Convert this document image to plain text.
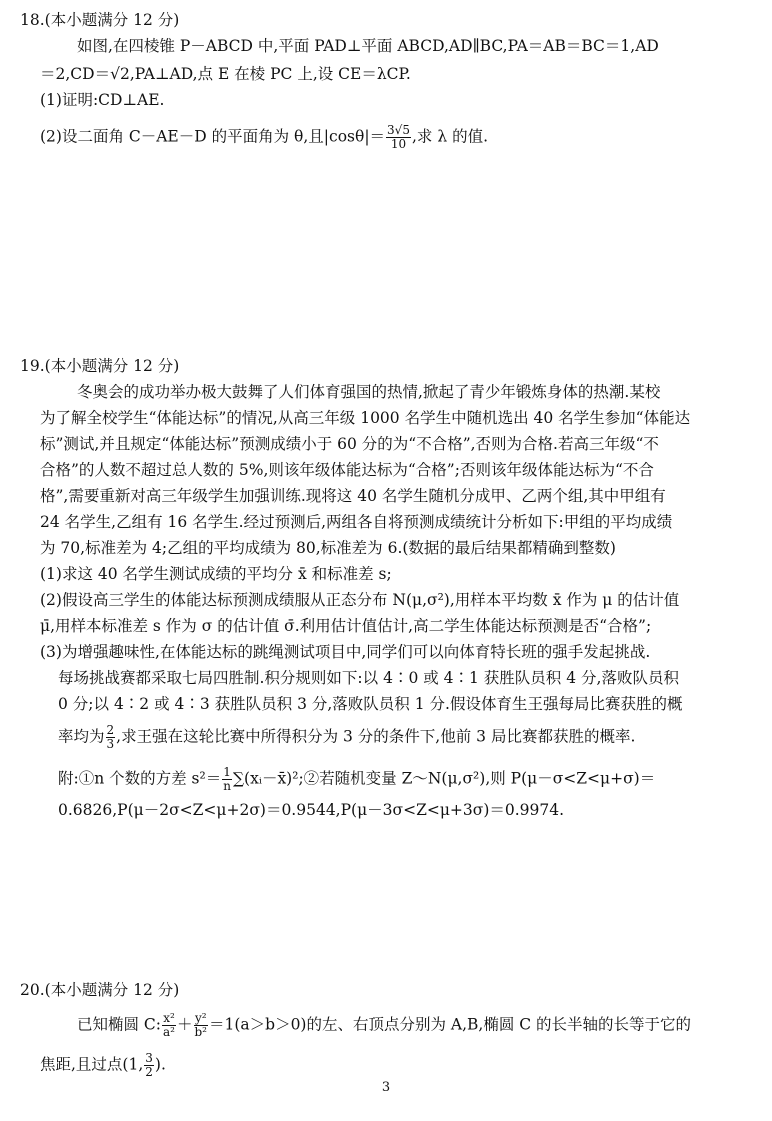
18.(本小题满分 12 分)
如图,在四棱锥 P－ABCD 中,平面 PAD⊥平面 ABCD,AD∥BC,PA＝AB＝BC＝1,AD
＝2,CD＝√2,PA⊥AD,点 E 在棱 PC 上,设 CE＝λCP.
(1)证明:CD⊥AE.
(2)设二面角 C－AE－D 的平面角为 θ,且$|\cos\theta|= \frac{3√5}{10}$ ,求 λ 的值.
19.(本小题满分 12 分)
冬奥会的成功举办极大鼓舞了人们体育强国的热情,掀起了青少年锻炼身体的热潮.某校
为了解全校学生“体能达标”的情况,从高三年级 1000 名学生中随机选出 40 名学生参加“体能达
标”测试,并且规定“体能达标”预测成绩小于 60 分的为“不合格”,否则为合格.若高三年级“不
合格”的人数不超过总人数的 5%,则该年级体能达标为“合格”;否则该年级体能达标为“不合
格”,需要重新对高三年级学生加强训练.现将这 40 名学生随机分成甲、乙两个组,其中甲组有
24 名学生,乙组有 16 名学生.经过预测后,两组各自将预测成绩统计分析如下:甲组的平均成绩
为 70,标准差为 4;乙组的平均成绩为 80,标准差为 6.(数据的最后结果都精确到整数)
(1)求这 40 名学生测试成绩的平均分 x̄ 和标准差 s;
(2)假设高三学生的体能达标预测成绩服从正态分布 N(μ,σ²),用样本平均数 x̄ 作为 μ 的估计值
μ̄,用样本标准差 s 作为 σ 的估计值 σ̄.利用估计值估计,高二学生体能达标预测是否“合格”;
(3)为增强趣味性,在体能达标的跳绳测试项目中,同学们可以向体育特长班的强手发起挑战.
每场挑战赛都采取七局四胜制.积分规则如下:以 4∶0 或 4∶1 获胜队员积 4 分,落败队员积
0 分;以 4∶2 或 4∶3 获胜队员积 3 分,落败队员积 1 分.假设体育生王强每局比赛获胜的概
率均为 $\frac{2}{3}$ ,求王强在这轮比赛中所得积分为 3 分的条件下,他前 3 局比赛都获胜的概率.
附:①n 个数的方差 $s^2= \frac{1}{n}$ ∑(xᵢ－x̄)²;②若随机变量 Z～N(μ,σ²),则 P(μ－σ<Z<μ+σ)＝
0.6826,P(μ－2σ<Z<μ+2σ)＝0.9544,P(μ－3σ<Z<μ+3σ)＝0.9974.
20.(本小题满分 12 分)
已知椭圆 C: $\frac{\text{x²}}{\text{a²}} + \frac{\text{y²}}{\text{b²}} =1(a>b>0)$的左、右顶点分别为 A,B,椭圆 C 的长半轴的长等于它的
焦距,且过点(1, $\frac{3}{2}$ ).
3
